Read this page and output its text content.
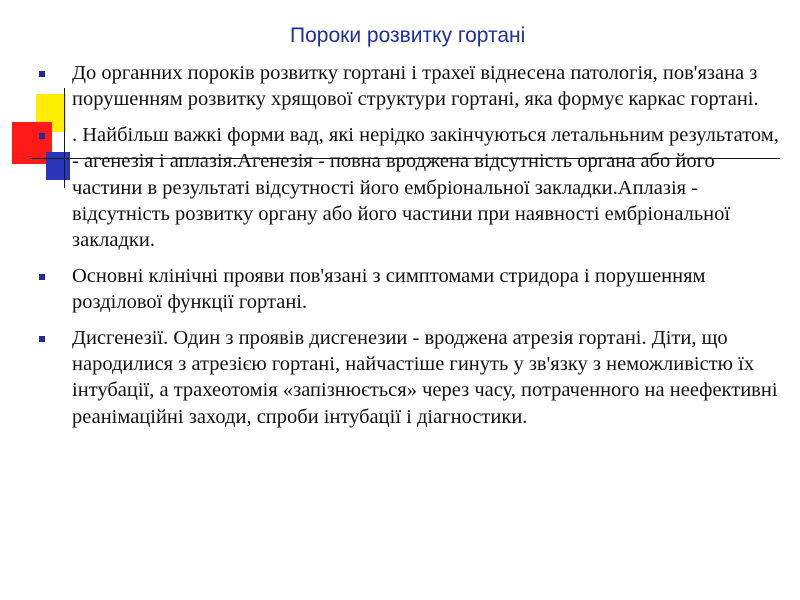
Пороки розвитку гортані
До органних пороків розвитку гортані і трахеї віднесена патологія, пов'язана з порушенням розвитку хрящової структури гортані, яка формує каркас гортані.
. Найбільш важкі форми вад, які нерідко закінчуються летальньним результатом, - агенезія і аплазія.Агенезія - повна вроджена відсутність органа або його частини в результаті відсутності його ембріональної закладки.Аплазія - відсутність розвитку органу або його частини при наявності ембріональної закладки.
Основні клінічні прояви пов'язані з симптомами стридора і порушенням розділової функції гортані.
Дисгенезії. Один з проявів дисгенезии - вроджена атрезія гортані. Діти, що народилися з атрезією гортані, найчастіше гинуть у зв'язку з неможливістю їх інтубації, а трахеотомія «запізнюється» через часу, потраченного на неефективні реанімаційні заходи, спроби інтубації і діагностики.
